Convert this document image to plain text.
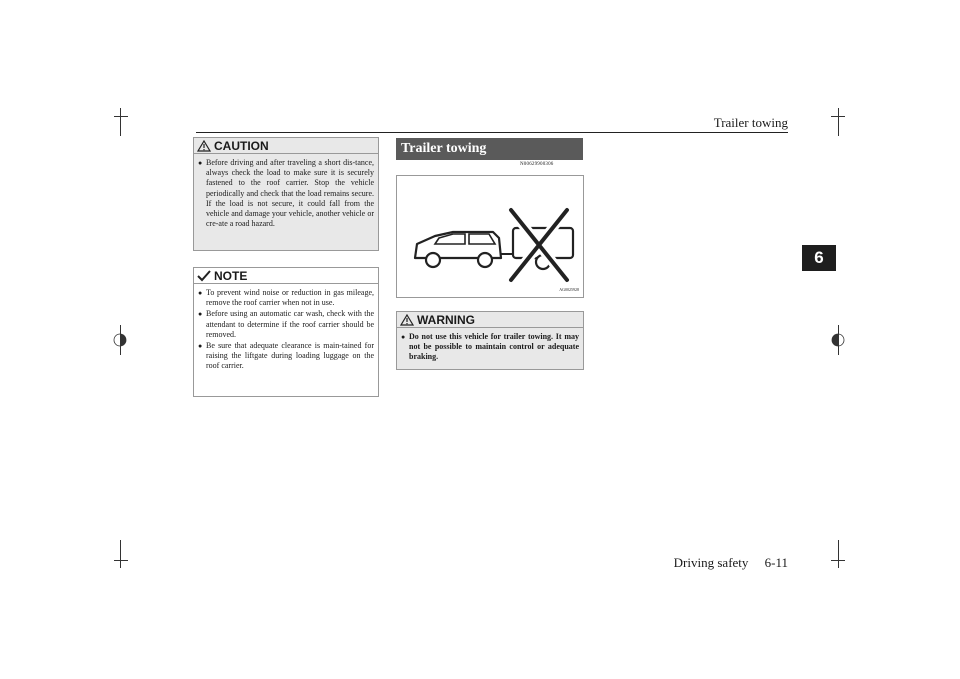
Trailer towing
6
CAUTION
● Before driving and after traveling a short dis-tance, always check the load to make sure it is securely fastened to the roof carrier. Stop the vehicle periodically and check that the load remains secure. If the load is not secure, it could fall from the vehicle and damage your vehicle, another vehicle or cre-ate a road hazard.
NOTE
● To prevent wind noise or reduction in gas mileage, remove the roof carrier when not in use.
● Before using an automatic car wash, check with the attendant to determine if the roof carrier should be removed.
● Be sure that adequate clearance is main-tained for raising the liftgate during loading luggage on the roof carrier.
Trailer towing
N00629900306
AG0025928
WARNING
● Do not use this vehicle for trailer towing. It may not be possible to maintain control or adequate braking.
Driving safety     6-11
